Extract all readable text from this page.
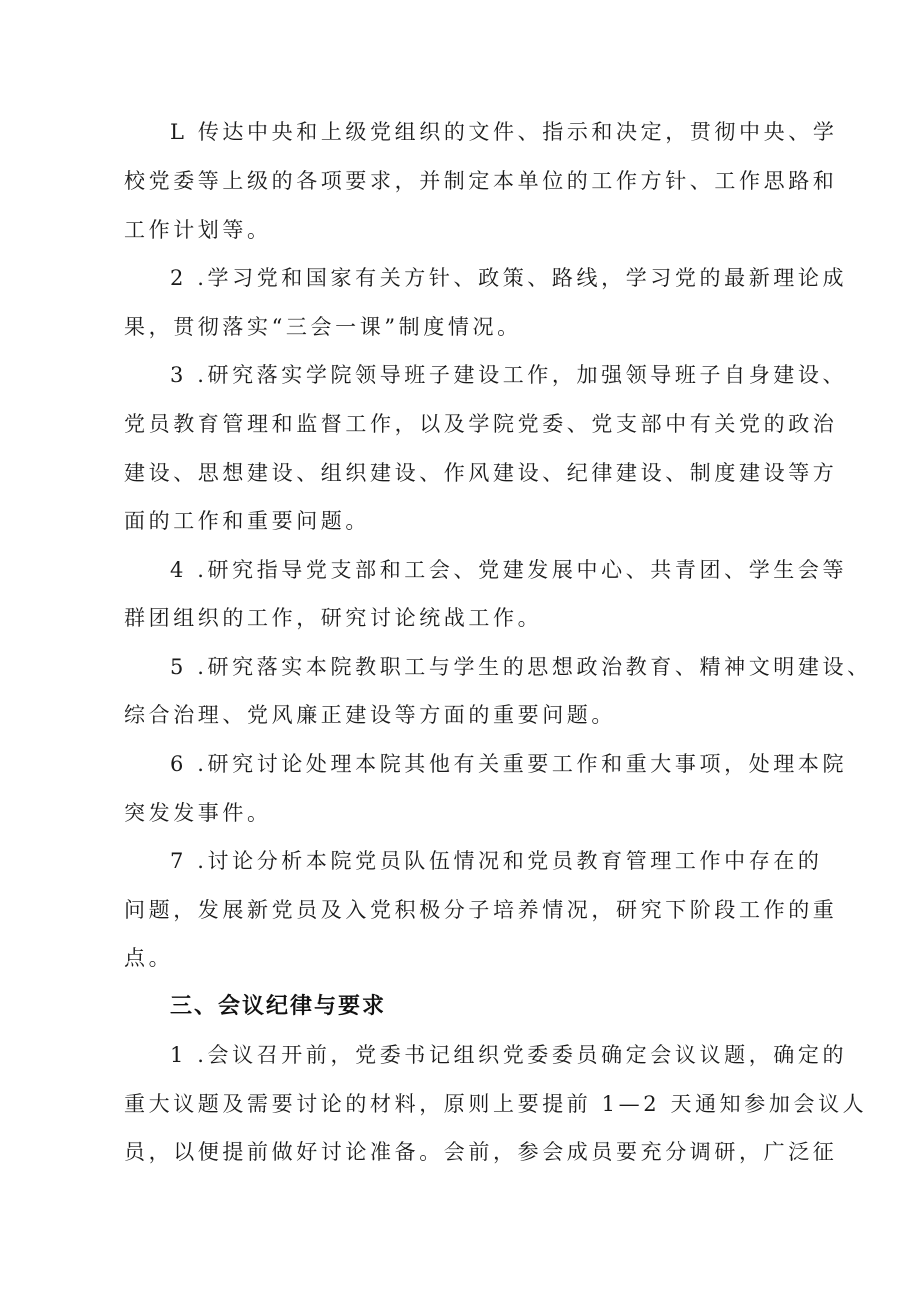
L 传达中央和上级党组织的文件、指示和决定，贯彻中央、学
校党委等上级的各项要求，并制定本单位的工作方针、工作思路和
工作计划等。
2 .学习党和国家有关方针、政策、路线，学习党的最新理论成
果，贯彻落实“三会一课”制度情况。
3 .研究落实学院领导班子建设工作，加强领导班子自身建设、
党员教育管理和监督工作，以及学院党委、党支部中有关党的政治
建设、思想建设、组织建设、作风建设、纪律建设、制度建设等方
面的工作和重要问题。
4 .研究指导党支部和工会、党建发展中心、共青团、学生会等
群团组织的工作，研究讨论统战工作。
5 .研究落实本院教职工与学生的思想政治教育、精神文明建设、
综合治理、党风廉正建设等方面的重要问题。
6 .研究讨论处理本院其他有关重要工作和重大事项，处理本院
突发发事件。
7 .讨论分析本院党员队伍情况和党员教育管理工作中存在的
问题，发展新党员及入党积极分子培养情况，研究下阶段工作的重
点。
三、会议纪律与要求
1 .会议召开前，党委书记组织党委委员确定会议议题，确定的
重大议题及需要讨论的材料，原则上要提前 1—2 天通知参加会议人
员，以便提前做好讨论准备。会前，参会成员要充分调研，广泛征
